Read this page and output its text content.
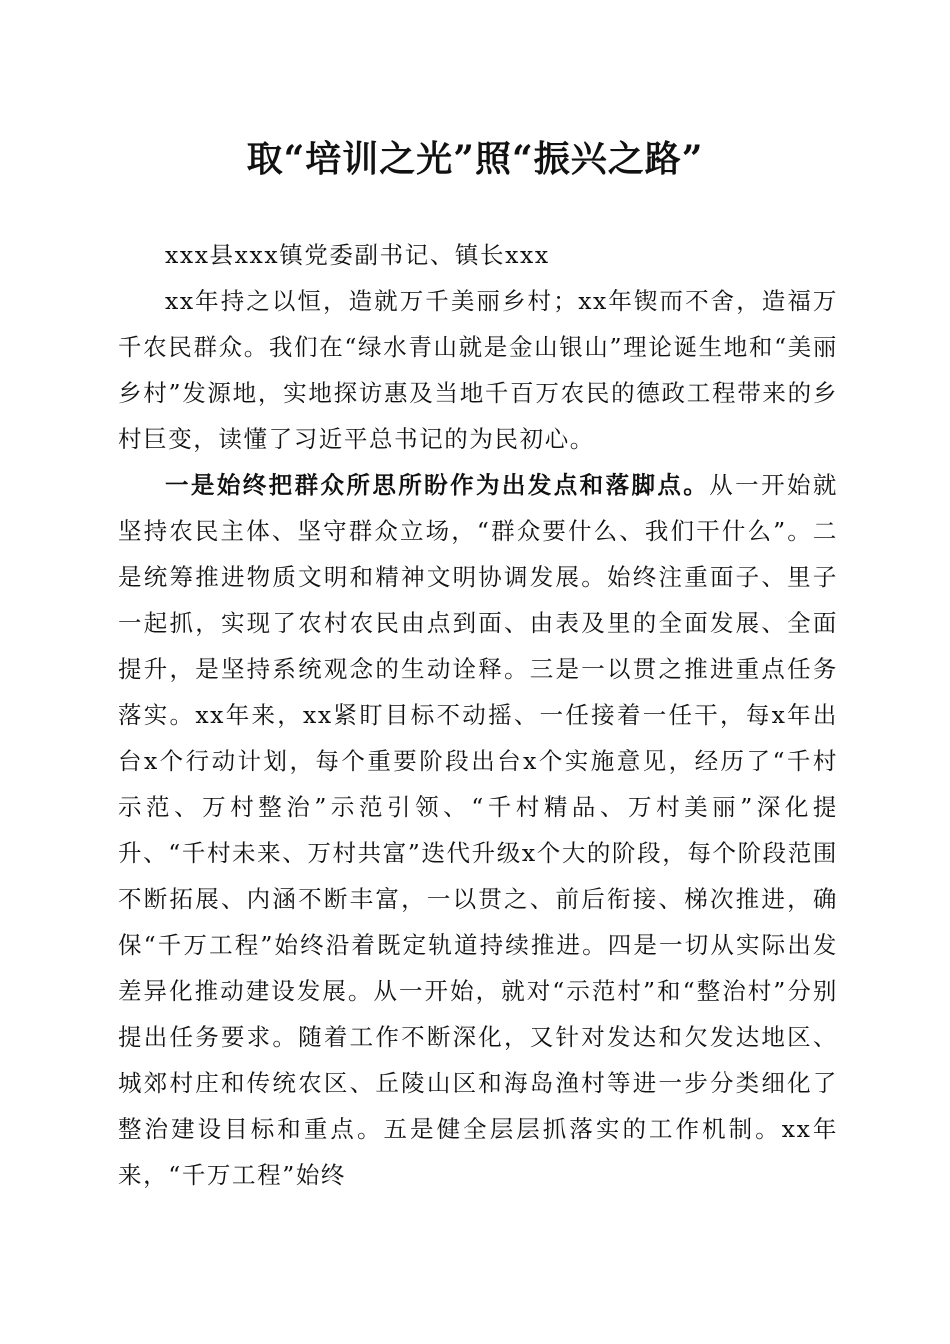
取“培训之光”照“振兴之路”

xxx县xxx镇党委副书记、镇长xxx

xx年持之以恒，造就万千美丽乡村；xx年锲而不舍，造福万千农民群众。我们在“绿水青山就是金山银山”理论诞生地和“美丽乡村”发源地，实地探访惠及当地千百万农民的德政工程带来的乡村巨变，读懂了习近平总书记的为民初心。

一是始终把群众所思所盼作为出发点和落脚点。从一开始就坚持农民主体、坚守群众立场，“群众要什么、我们干什么”。二是统筹推进物质文明和精神文明协调发展。始终注重面子、里子一起抓，实现了农村农民由点到面、由表及里的全面发展、全面提升，是坚持系统观念的生动诠释。三是一以贯之推进重点任务落实。xx年来，xx紧盯目标不动摇、一任接着一任干，每x年出台x个行动计划，每个重要阶段出台x个实施意见，经历了“千村示范、万村整治”示范引领、“千村精品、万村美丽”深化提升、“千村未来、万村共富”迭代升级x个大的阶段，每个阶段范围不断拓展、内涵不断丰富，一以贯之、前后衔接、梯次推进，确保“千万工程”始终沿着既定轨道持续推进。四是一切从实际出发差异化推动建设发展。从一开始，就对“示范村”和“整治村”分别提出任务要求。随着工作不断深化，又针对发达和欠发达地区、城郊村庄和传统农区、丘陵山区和海岛渔村等进一步分类细化了整治建设目标和重点。五是健全层层抓落实的工作机制。xx年来，“千万工程”始终
